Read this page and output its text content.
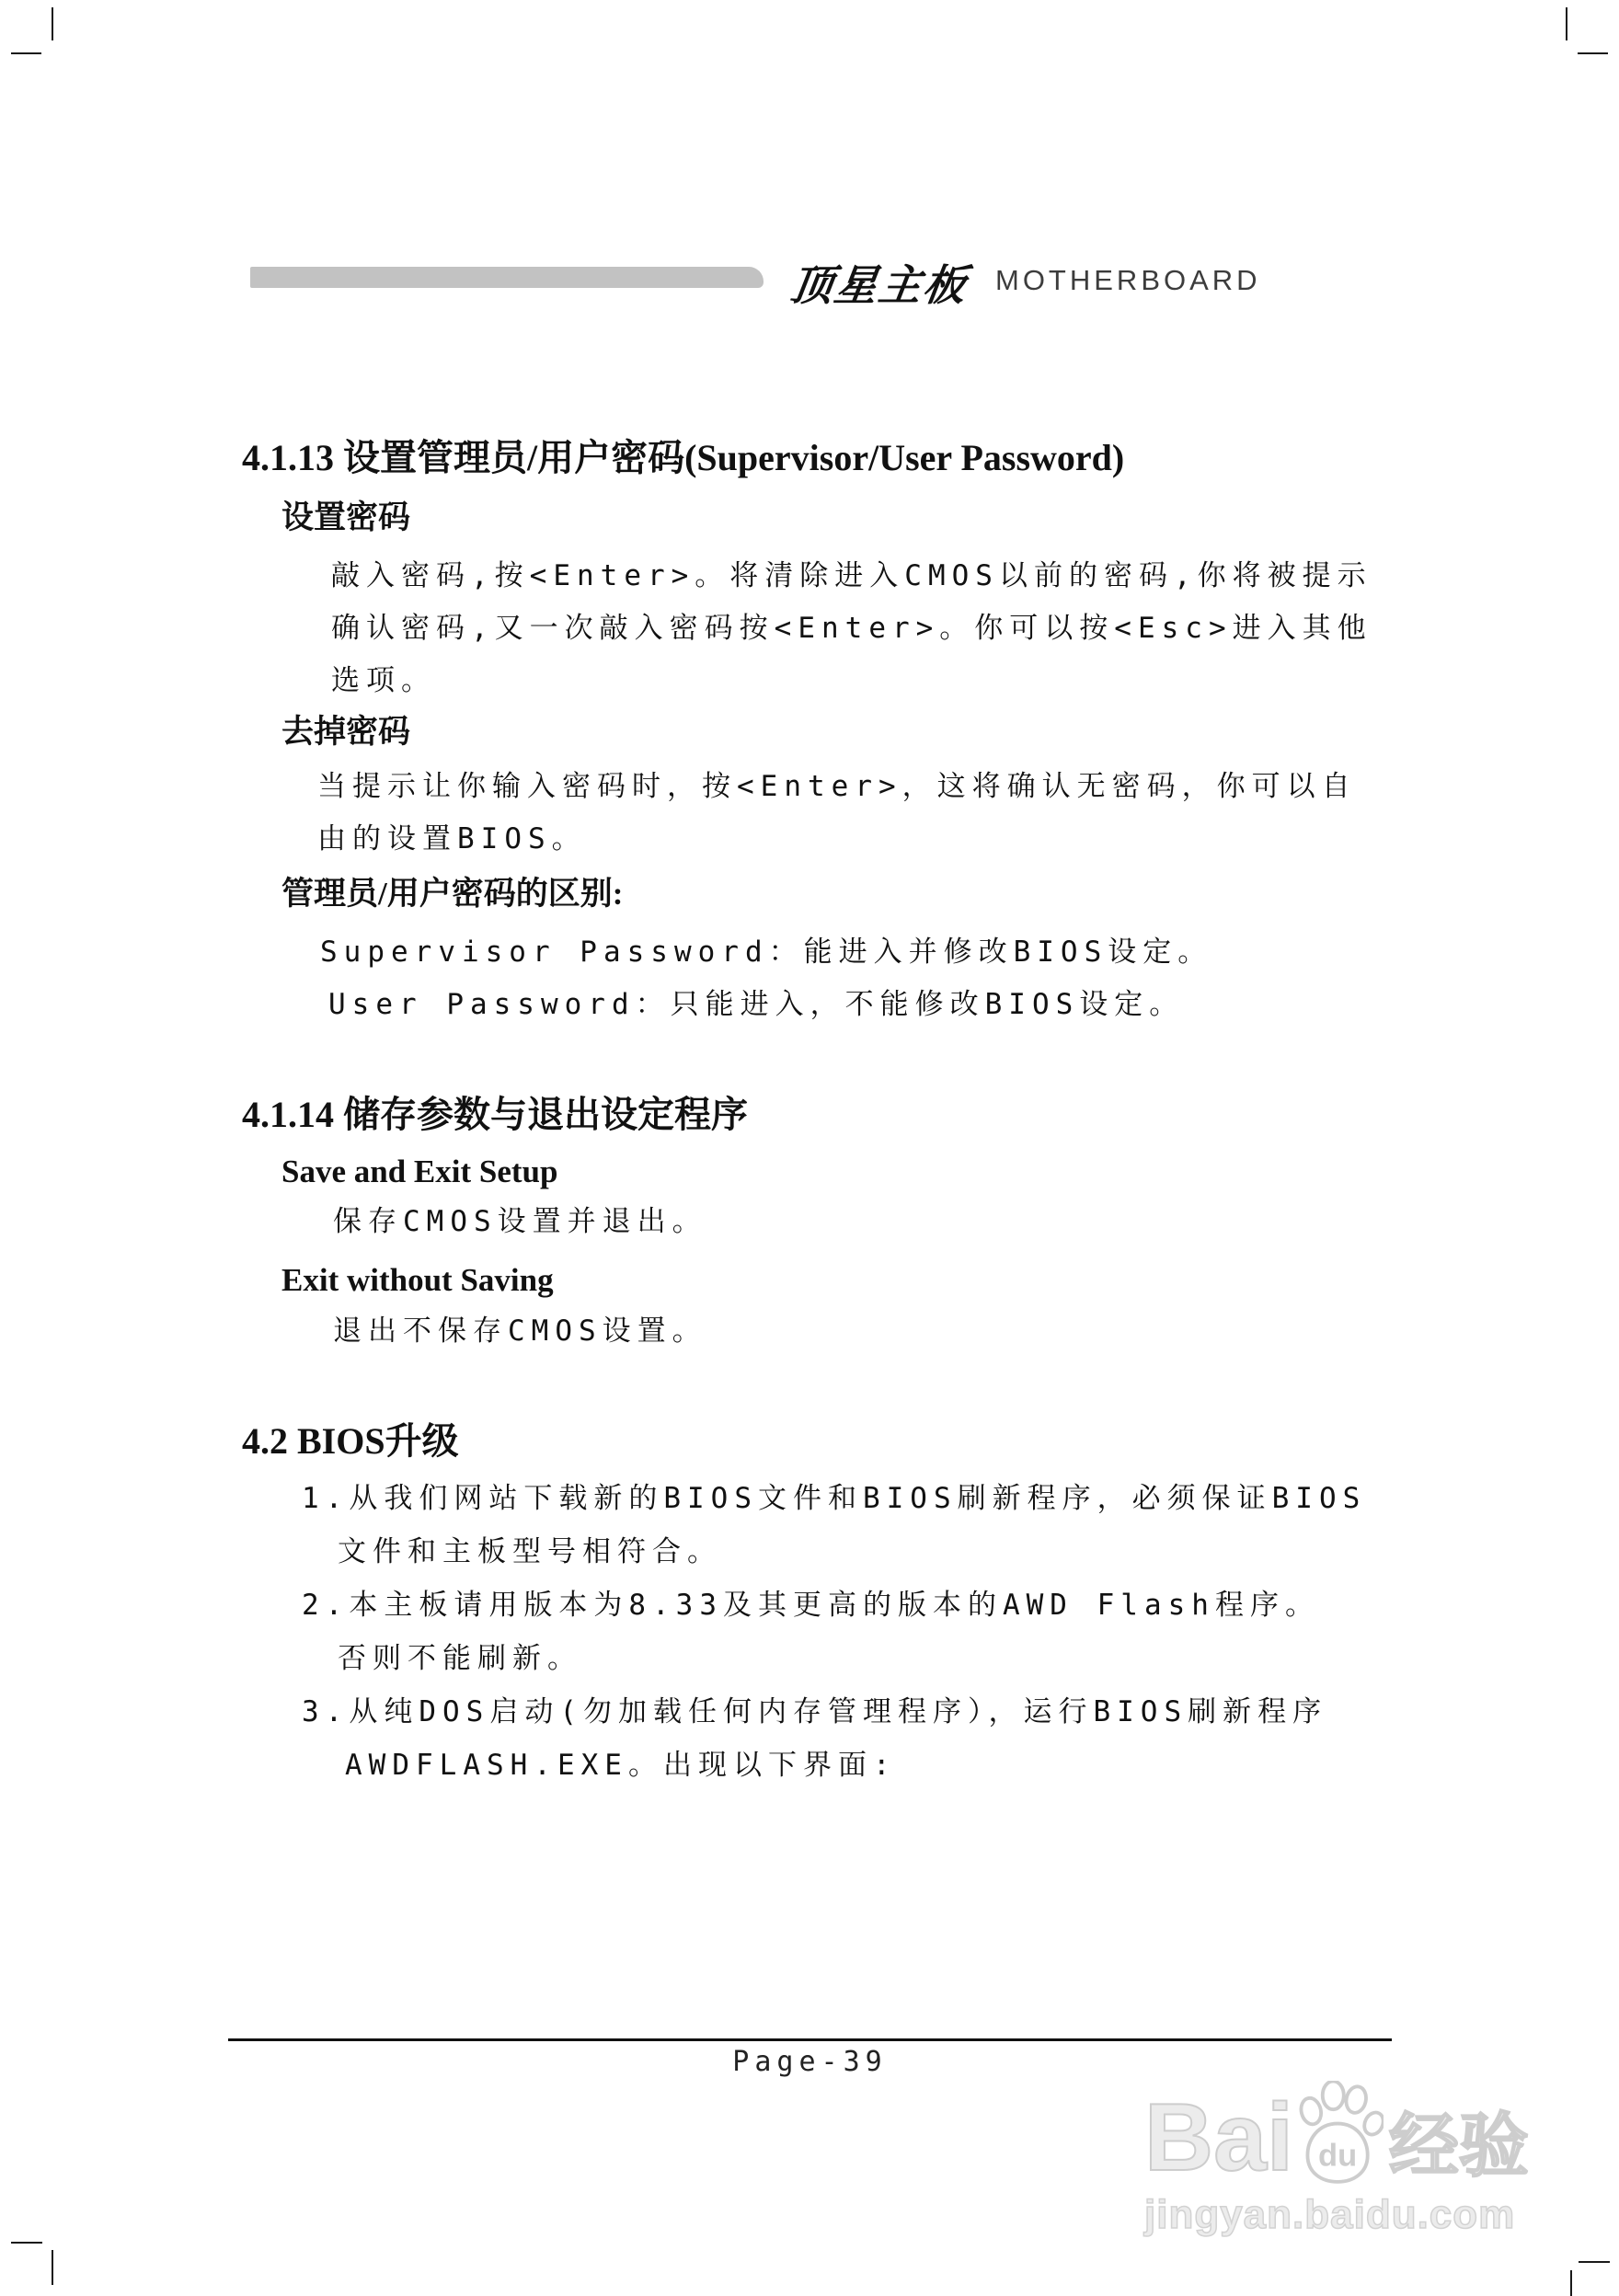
顶星主板 MOTHERBOARD
4.1.13 设置管理员/用户密码(Supervisor/User Password)
设置密码
敲入密码,按<Enter>。将清除进入CMOS以前的密码,你将被提示
确认密码,又一次敲入密码按<Enter>。你可以按<Esc>进入其他
选项。
去掉密码
当提示让你输入密码时，按<Enter>，这将确认无密码，你可以自
由的设置BIOS。
管理员/用户密码的区别:
Supervisor Password：能进入并修改BIOS设定。
User Password：只能进入，不能修改BIOS设定。
4.1.14 储存参数与退出设定程序
Save and Exit Setup
保存CMOS设置并退出。
Exit without Saving
退出不保存CMOS设置。
4.2 BIOS升级
1.从我们网站下载新的BIOS文件和BIOS刷新程序，必须保证BIOS
文件和主板型号相符合。
2.本主板请用版本为8.33及其更高的版本的AWD Flash程序。
否则不能刷新。
3.从纯DOS启动(勿加载任何内存管理程序），运行BIOS刷新程序
AWDFLASH.EXE。出现以下界面:
Page-39
Bai du 经验
jingyan.baidu.com
